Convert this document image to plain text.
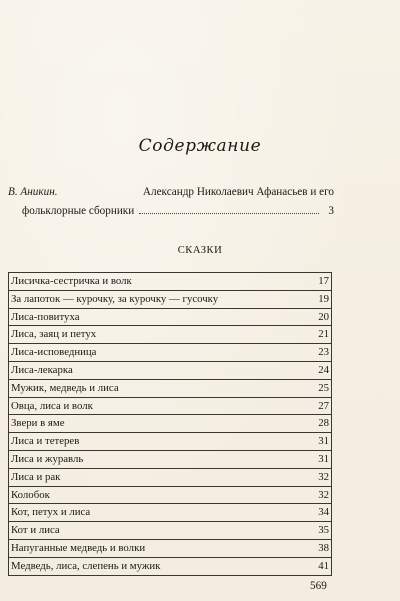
Содержание
В. Аникин.	Александр Николаевич Афанасьев и его
фольклорные сборники	3
СКАЗКИ
Лисичка-сестричка и волк	17
За лапоток — курочку, за курочку — гусочку	19
Лиса-повитуха	20
Лиса, заяц и петух	21
Лиса-исповедница	23
Лиса-лекарка	24
Мужик, медведь и лиса	25
Овца, лиса и волк	27
Звери в яме	28
Лиса и тетерев	31
Лиса и журавль	31
Лиса и рак	32
Колобок	32
Кот, петух и лиса	34
Кот и лиса	35
Напуганные медведь и волки	38
Медведь, лиса, слепень и мужик	41
569
